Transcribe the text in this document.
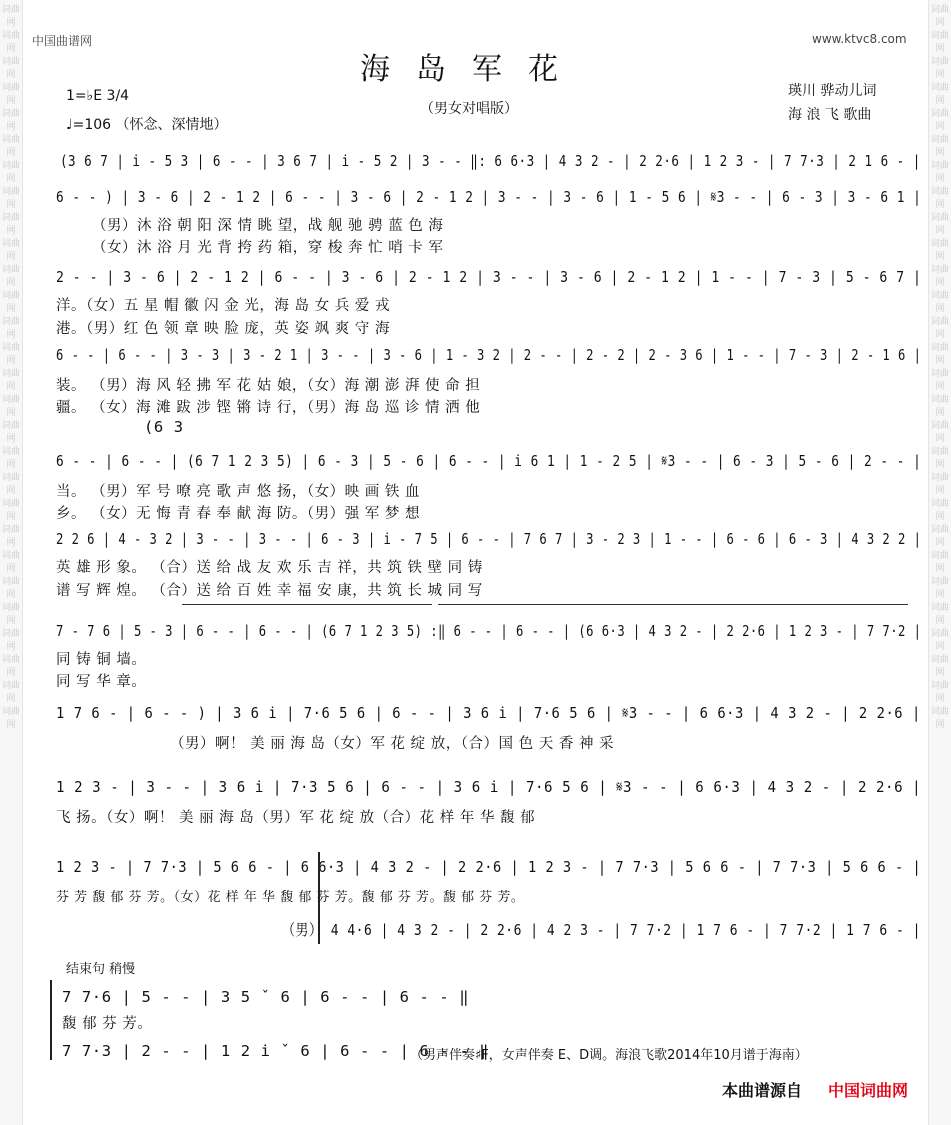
词曲网
词曲网
词曲网
词曲网
词曲网
词曲网
词曲网
词曲网
词曲网
词曲网
词曲网
词曲网
词曲网
词曲网
词曲网
词曲网
词曲网
词曲网
词曲网
词曲网
词曲网
词曲网
词曲网
词曲网
词曲网
词曲网
词曲网
词曲网
词曲网
词曲网
词曲网
词曲网
词曲网
词曲网
词曲网
词曲网
词曲网
词曲网
词曲网
词曲网
词曲网
词曲网
词曲网
词曲网
词曲网
词曲网
词曲网
词曲网
词曲网
词曲网
词曲网
词曲网
词曲网
词曲网
词曲网
词曲网
中国曲谱网	www.ktvc8.com
海岛军花
（男女对唱版）
1=♭E 3/4
♩=106 （怀念、深情地）
瑛川 骅动儿词
海 浪 飞 歌曲
(3 6 7 | i̇ - 5 3 | 6 - - | 3 6 7 | i̇ - 5 2 | 3 - - ‖: 6 6·3 | 4 3 2 - | 2 2·6 | 1 2 3 - | 7 7·3 | 2 1 6 - |
6 - - ) | 3 - 6 | 2 - 1 2 | 6 - - | 3 - 6 | 2 - 1 2 | 3 - - | 3 - 6 | 1 - 5 6 | 𝄋3 - - | 6 - 3 | 3 - 6 1 |
（男）沐 浴 朝 阳 深 情 眺 望，战 舰 驰 骋 蓝 色 海
（女）沐 浴 月 光 背 挎 药 箱，穿 梭 奔 忙 哨 卡 军
2 - - | 3 - 6 | 2 - 1 2 | 6 - - | 3 - 6 | 2 - 1 2 | 3 - - | 3 - 6 | 2 - 1 2 | 1 - - | 7 - 3 | 5 - 6 7 |
洋。（女）五 星 帽 徽 闪 金 光，海 岛 女 兵 爱 戎
港。（男）红 色 领 章 映 脸 庞，英 姿 飒 爽 守 海
6 - - | 6 - - | 3 - 3 | 3 - 2 1 | 3 - - | 3 - 6 | 1 - 3 2 | 2 - - | 2 - 2 | 2 - 3 6 | 1 - - | 7 - 3 | 2 - 1 6 |
装。 （男）海 风 轻 拂 军 花 姑 娘，（女）海 潮 澎 湃 使 命 担
疆。 （女）海 滩 跋 涉 铿 锵 诗 行，（男）海 岛 巡 诊 情 洒 他
(6 3
6 - - | 6 - - | (6 7 1 2 3 5) | 6 - 3 | 5 - 6 | 6 - - | i̇ 6 1 | 1 - 2 5 | 𝄋3 - - | 6 - 3 | 5 - 6 | 2 - - |
当。 （男）军 号 嘹 亮 歌 声 悠 扬，（女）映 画 铁 血
乡。 （女）无 悔 青 春 奉 献 海 防。（男）强 军 梦 想
2 2 6 | 4 - 3 2 | 3 - - | 3 - - | 6 - 3 | i̇ - 7 5 | 6 - - | 7 6 7 | 3 - 2 3 | 1 - - | 6 - 6 | 6 - 3 | 4 3 2 2 |
英 雄 形 象。 （合）送 给 战 友 欢 乐 吉 祥，共 筑 铁 壁 同 铸
谱 写 辉 煌。 （合）送 给 百 姓 幸 福 安 康，共 筑 长 城 同 写
7 - 7 6 | 5 - 3 | 6 - - | 6 - - | (6 7 1 2 3 5) :‖ 6 - - | 6 - - | (6 6·3 | 4 3 2 - | 2 2·6 | 1 2 3 - | 7 7·2 |
同 铸 铜 墙。
同 写 华 章。
1 7 6 - | 6 - - ) | 3 6 i̇ | 7·6 5 6 | 6 - - | 3 6 i̇ | 7·6 5 6 | 𝄋3 - - | 6 6·3 | 4 3 2 - | 2 2·6 |
（男）啊！ 美 丽 海 岛（女）军 花 绽 放，（合）国 色 天 香 神 采
1 2 3 - | 3 - - | 3 6 i̇ | 7·3 5 6 | 6 - - | 3 6 i̇ | 7·6 5 6 | 𝄋3 - - | 6 6·3 | 4 3 2 - | 2 2·6 |
飞 扬。（女）啊！ 美 丽 海 岛（男）军 花 绽 放（合）花 样 年 华 馥 郁
1 2 3 - | 7 7·3 | 5 6 6 - | 6 6·3 | 4 3 2 - | 2 2·6 | 1 2 3 - | 7 7·3 | 5 6 6 - | 7 7·3 | 5 6 6 - |
芬 芳 馥 郁 芬 芳。（女）花 样 年 华 馥 郁 芬 芳。馥 郁 芬 芳。馥 郁 芬 芳。
（男） 4 4·6 | 4 3 2 - | 2 2·6 | 4 2 3 - | 7 7·2 | 1 7 6 - | 7 7·2 | 1 7 6 - |
结束句 稍慢
7 7·6 | 5 - - | 3 5 ˇ 6 | 6 - - | 6 - - ‖
馥 郁 芬 芳。
7 7·3 | 2 - - | 1 2 i̇ ˇ 6 | 6 - - | 6 - - ‖
（男声伴奏♯F，女声伴奏 E、D调。海浪飞歌2014年10月谱于海南）
本曲谱源自 中国词曲网
